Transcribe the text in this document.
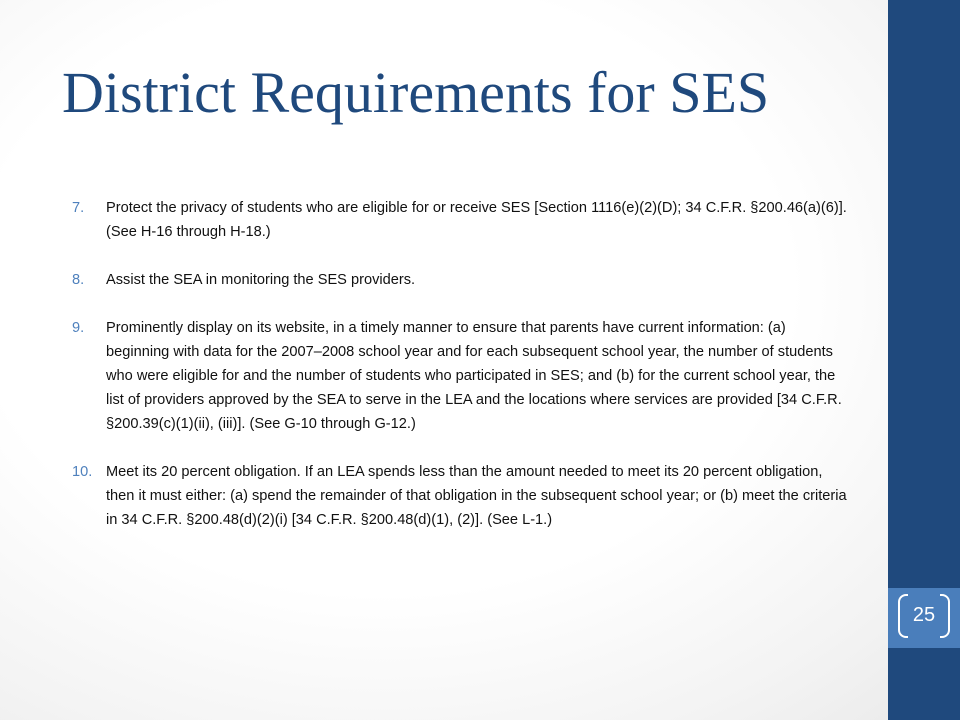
District Requirements for SES
7. Protect the privacy of students who are eligible for or receive SES [Section 1116(e)(2)(D); 34 C.F.R. §200.46(a)(6)]. (See H-16 through H-18.)
8. Assist the SEA in monitoring the SES providers.
9. Prominently display on its website, in a timely manner to ensure that parents have current information: (a) beginning with data for the 2007–2008 school year and for each subsequent school year, the number of students who were eligible for and the number of students who participated in SES; and (b) for the current school year, the list of providers approved by the SEA to serve in the LEA and the locations where services are provided [34 C.F.R. §200.39(c)(1)(ii), (iii)]. (See G-10 through G-12.)
10. Meet its 20 percent obligation. If an LEA spends less than the amount needed to meet its 20 percent obligation, then it must either: (a) spend the remainder of that obligation in the subsequent school year; or (b) meet the criteria in 34 C.F.R. §200.48(d)(2)(i) [34 C.F.R. §200.48(d)(1), (2)]. (See L-1.)
25
